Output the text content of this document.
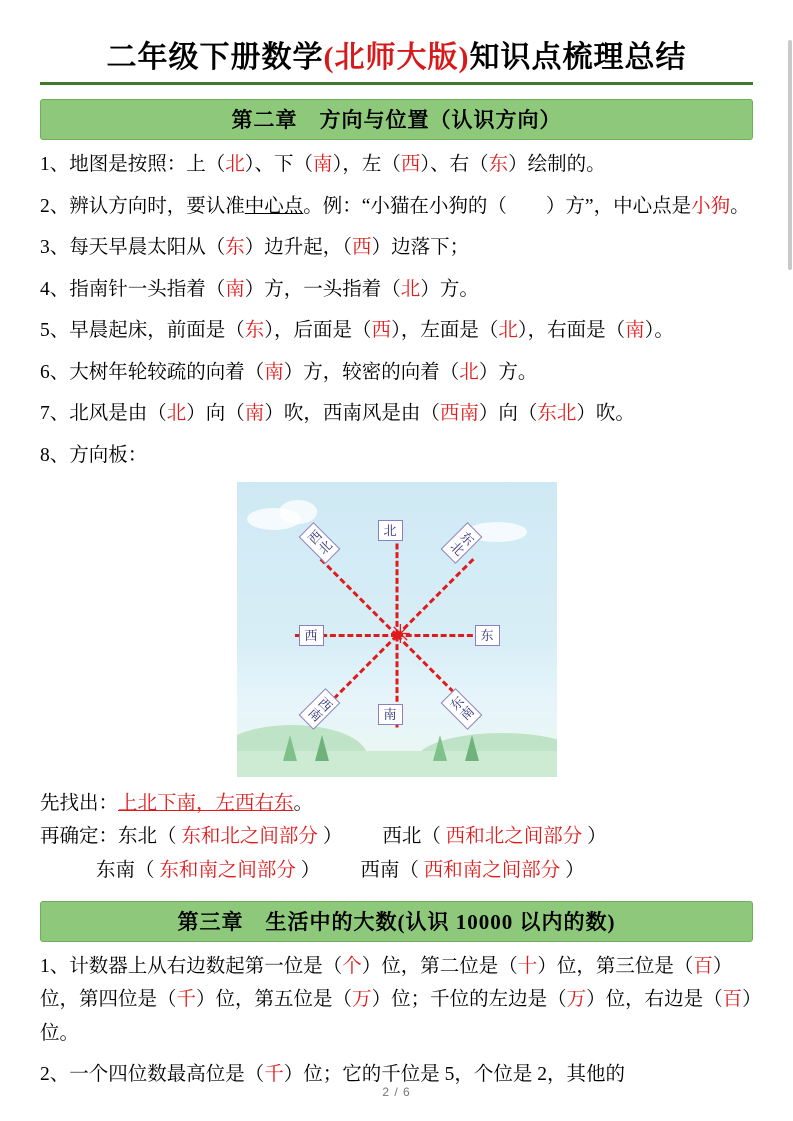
二年级下册数学(北师大版)知识点梳理总结
第二章　方向与位置（认识方向）
1、地图是按照：上（北）、下（南），左（西）、右（东）绘制的。
2、辨认方向时，要认准中心点。例：“小猫在小狗的（　　）方”，中心点是小狗。
3、每天早晨太阳从（东）边升起，（西）边落下；
4、指南针一头指着（南）方，一头指着（北）方。
5、早晨起床，前面是（东），后面是（西），左面是（北），右面是（南）。
6、大树年轮较疏的向着（南）方，较密的向着（北）方。
7、北风是由（北）向（南）吹，西南风是由（西南）向（东北）吹。
8、方向板：
✳
北
南
东
西
西北	东北
西南	东南
先找出：上北下南，左西右东。
再确定：东北（ 东和北之间部分 ） 西北（ 西和北之间部分 ）
东南（ 东和南之间部分 ） 西南（ 西和南之间部分 ）
第三章　生活中的大数(认识 10000 以内的数)
1、计数器上从右边数起第一位是（个）位，第二位是（十）位，第三位是（百）位，第四位是（千）位，第五位是（万）位；千位的左边是（万）位，右边是（百）位。
2、一个四位数最高位是（千）位；它的千位是 5，个位是 2，其他的
2 / 6
